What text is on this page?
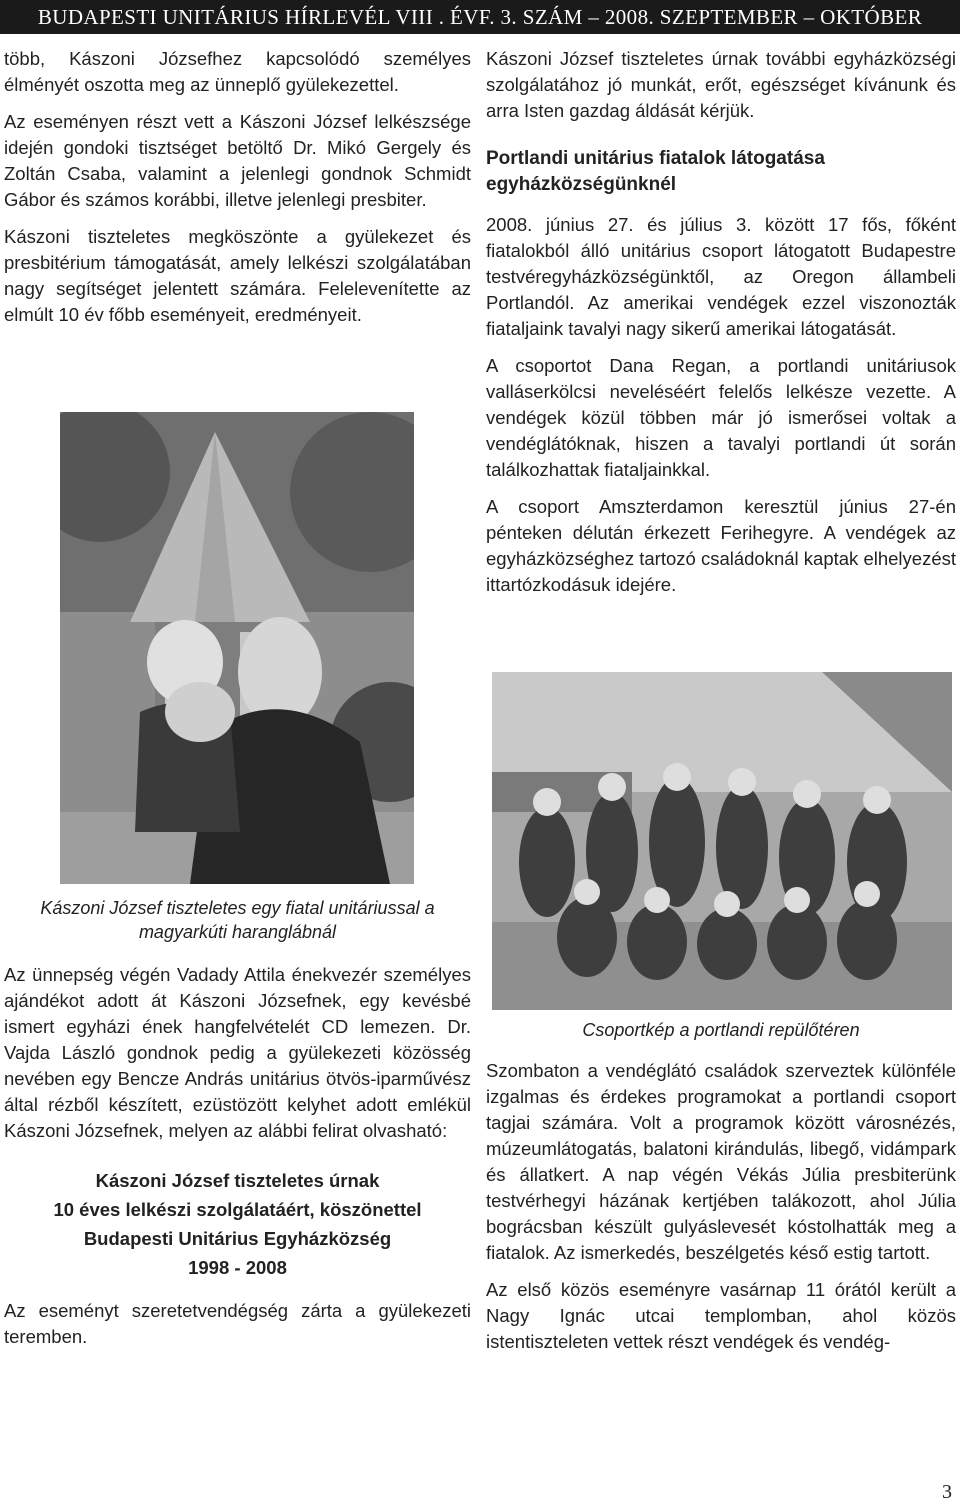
BUDAPESTI UNITÁRIUS HÍRLEVÉL VIII . ÉVF. 3. SZÁM – 2008. SZEPTEMBER – OKTÓBER

több, Kászoni Józsefhez kapcsolódó személyes élményét oszotta meg az ünneplő gyülekezettel.

Az eseményen részt vett a Kászoni József lelkészsége idején gondoki tisztséget betöltő Dr. Mikó Gergely és Zoltán Csaba, valamint a jelenlegi gondnok Schmidt Gábor és számos korábbi, illetve jelenlegi presbiter.

Kászoni tiszteletes megköszönte a gyülekezet és presbitérium támogatását, amely lelkészi szolgálatában nagy segítséget jelentett számára. Felelevenítette az elmúlt 10 év főbb eseményeit, eredményeit.

Kászoni József tiszteletes egy fiatal unitáriussal a magyarkúti haranglábnál

Az ünnepség végén Vadady Attila énekvezér személyes ajándékot adott át Kászoni Józsefnek, egy kevésbé ismert egyházi ének hangfelvételét CD lemezen. Dr. Vajda László gondnok pedig a gyülekezeti közösség nevében egy Bencze András unitárius ötvös-iparművész által rézből készített, ezüstözött kelyhet adott emlékül Kászoni Józsefnek, melyen az alábbi felirat olvasható:

Kászoni József tiszteletes úrnak
10 éves lelkészi szolgálatáért, köszönettel
Budapesti Unitárius Egyházközség
1998 - 2008

Az eseményt szeretetvendégség zárta a gyülekezeti teremben.

Kászoni József tiszteletes úrnak további egyházközségi szolgálatához jó munkát, erőt, egészséget kívánunk és arra Isten gazdag áldását kérjük.

Portlandi unitárius fiatalok látogatása egyházközségünknél

2008. június 27. és július 3. között 17 fős, főként fiatalokból álló unitárius csoport látogatott Budapestre testvéregyházközségünktől, az Oregon állambeli Portlandól. Az amerikai vendégek ezzel viszonozták fiataljaink tavalyi nagy sikerű amerikai látogatását.

A csoportot Dana Regan, a portlandi unitáriusok valláserkölcsi neveléséért felelős lelkésze vezette. A vendégek közül többen már jó ismerősei voltak a vendéglátóknak, hiszen a tavalyi portlandi út során találkozhattak fiataljainkkal.

A csoport Amszterdamon keresztül június 27-én pénteken délután érkezett Ferihegyre. A vendégek az egyházközséghez tartozó családoknál kaptak elhelyezést ittartózkodásuk idejére.

Csoportkép a portlandi repülőtéren

Szombaton a vendéglátó családok szerveztek különféle izgalmas és érdekes programokat a portlandi csoport tagjai számára. Volt a programok között városnézés, múzeumlátogatás, balatoni kirándulás, libegő, vidámpark és állatkert. A nap végén Vékás Júlia presbiterünk testvérhegyi házának kertjében talákozott, ahol Júlia bográcsban készült gulyáslevesét kóstolhatták meg a fiatalok. Az ismerkedés, beszélgetés késő estig tartott.

Az első közös eseményre vasárnap 11 órától került a Nagy Ignác utcai templomban, ahol közös istentiszteleten vettek részt vendégek és vendég-

3
